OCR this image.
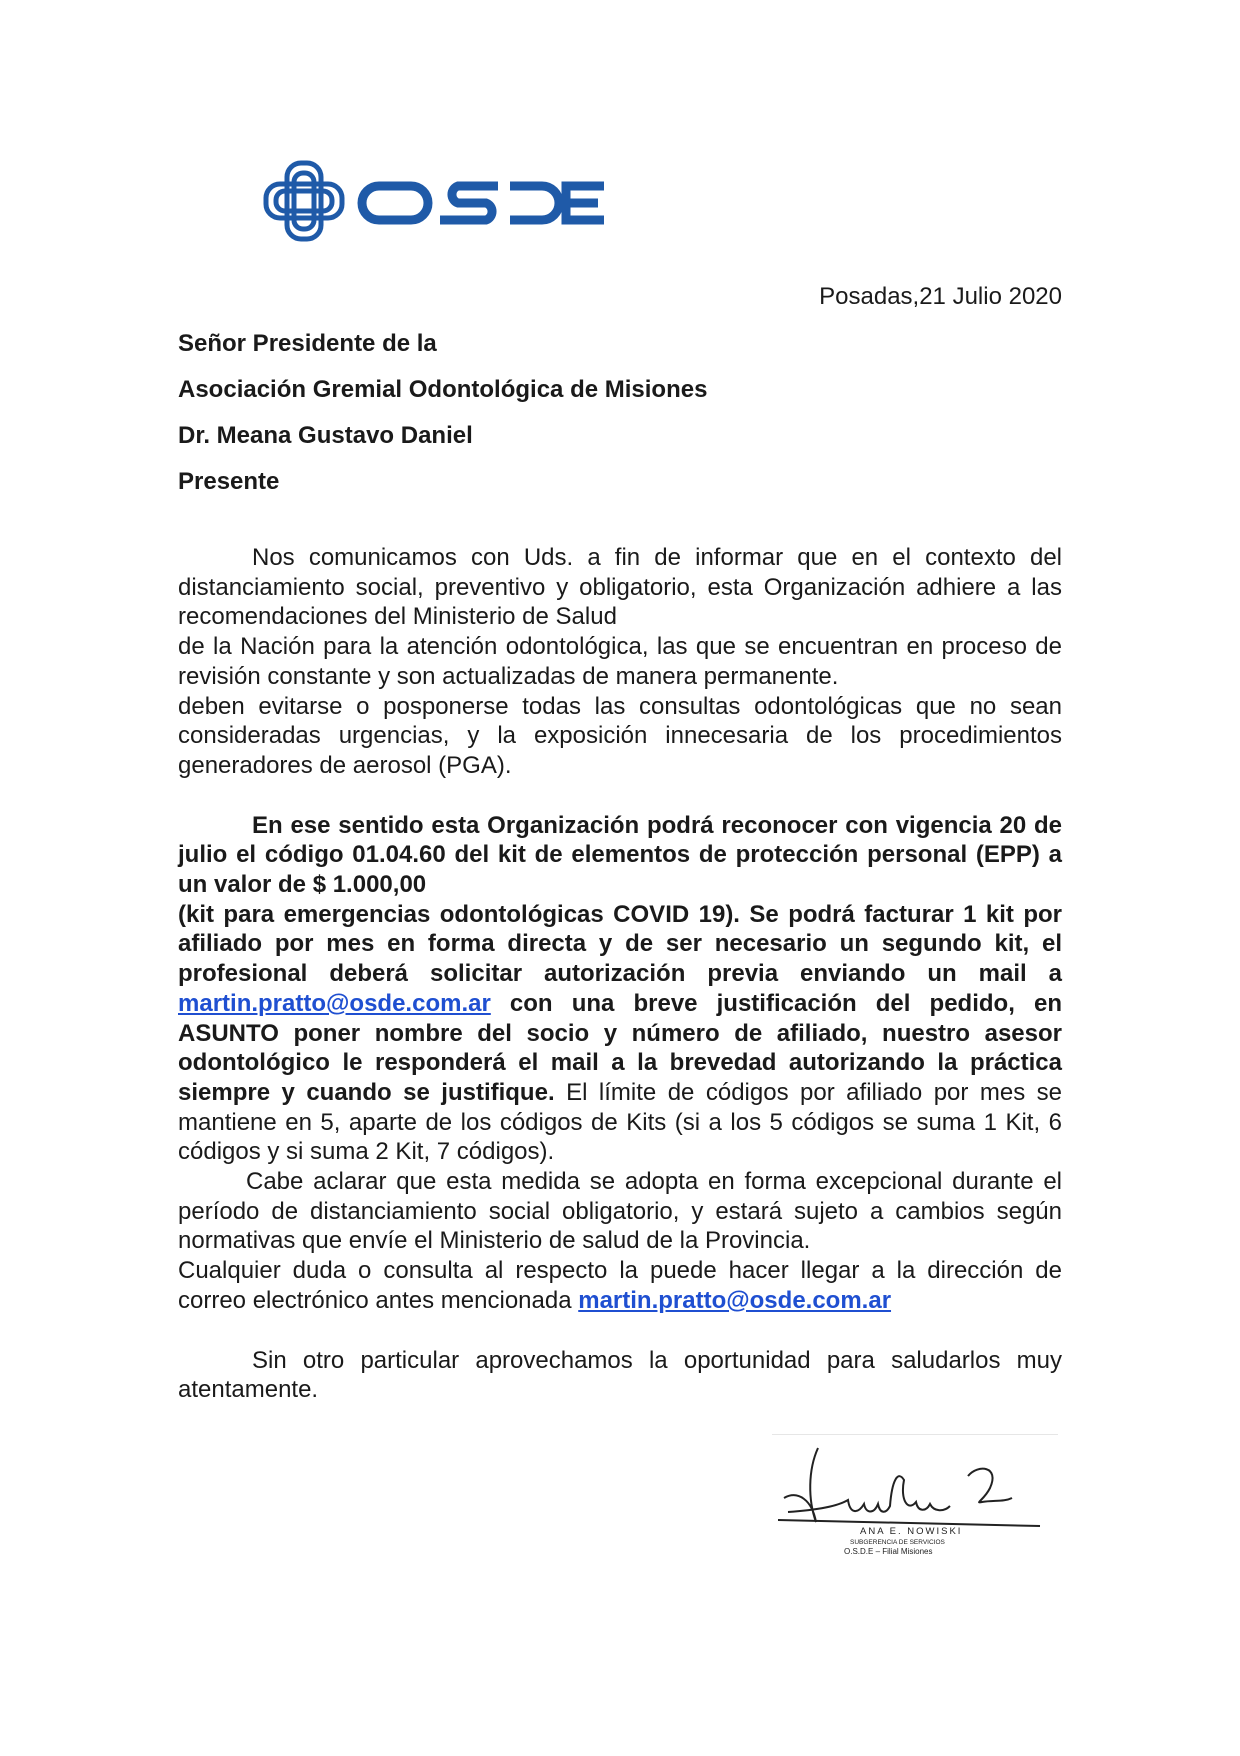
Posadas,21 Julio 2020
Señor Presidente de la
Asociación Gremial Odontológica de Misiones
Dr. Meana Gustavo Daniel
Presente

Nos comunicamos con Uds. a fin de informar que en el contexto del distanciamiento social, preventivo y obligatorio, esta Organización adhiere a las recomendaciones del Ministerio de Salud

de la Nación para la atención odontológica, las que se encuentran en proceso de revisión constante y son actualizadas de manera permanente.

deben evitarse o posponerse todas las consultas odontológicas que no sean consideradas urgencias, y la exposición innecesaria de los procedimientos generadores de aerosol (PGA).

En ese sentido esta Organización podrá reconocer con vigencia 20 de julio el código 01.04.60 del kit de elementos de protección personal (EPP) a un valor de $ 1.000,00

(kit para emergencias odontológicas COVID 19). Se podrá facturar 1 kit por afiliado por mes en forma directa y de ser necesario un segundo kit, el profesional deberá solicitar autorización previa enviando un mail a martin.pratto@osde.com.ar con una breve justificación del pedido, en ASUNTO poner nombre del socio y número de afiliado, nuestro asesor odontológico le responderá el mail a la brevedad autorizando la práctica siempre y cuando se justifique. El límite de códigos por afiliado por mes se mantiene en 5, aparte de los códigos de Kits (si a los 5 códigos se suma 1 Kit, 6 códigos y si suma 2 Kit, 7 códigos).

Cabe aclarar que esta medida se adopta en forma excepcional durante el período de distanciamiento social obligatorio, y estará sujeto a cambios según normativas que envíe el Ministerio de salud de la Provincia.

Cualquier duda o consulta al respecto la puede hacer llegar a la dirección de correo electrónico antes mencionada martin.pratto@osde.com.ar

Sin otro particular aprovechamos la oportunidad para saludarlos muy atentamente.

ANA E. NOWISKI
SUBGERENCIA DE SERVICIOS
O.S.D.E – Filial Misiones
